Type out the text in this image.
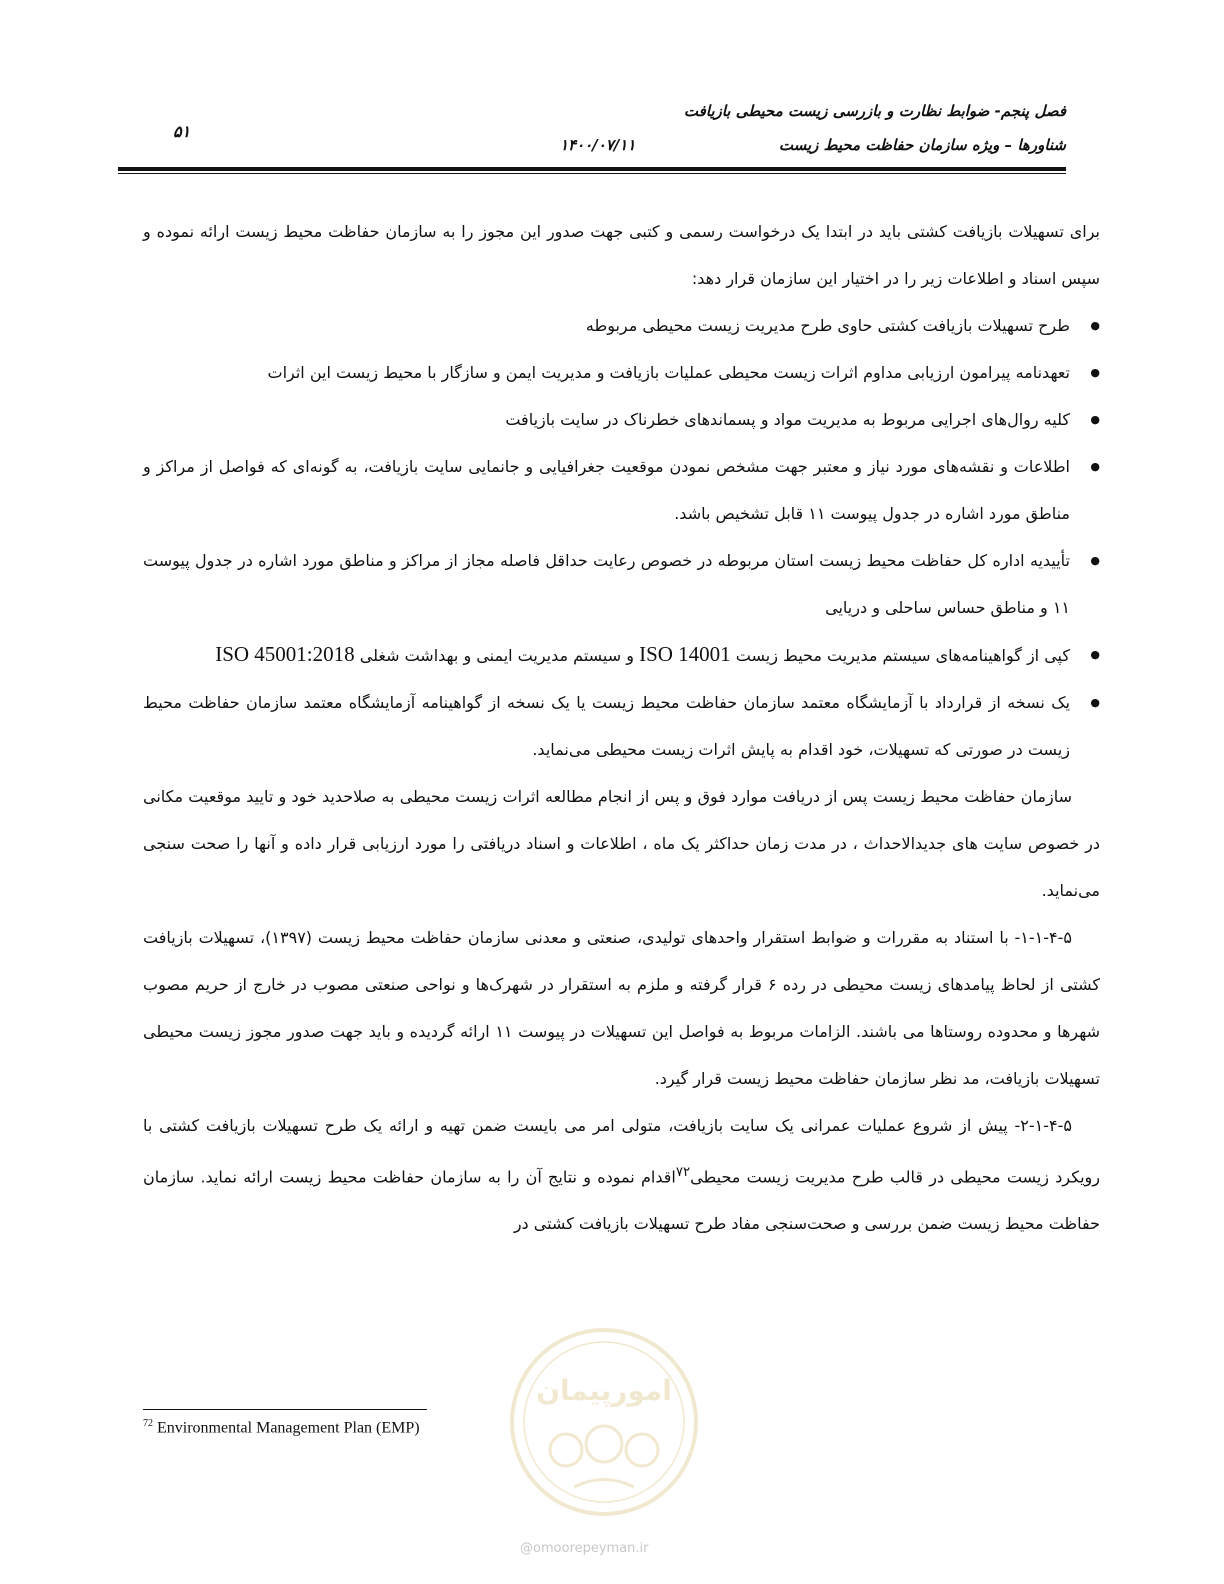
فصل پنجم- ضوابط نظارت و بازرسی زیست محیطی بازیافت
شناورها – ویژه سازمان حفاظت محیط زیست
۱۴۰۰/۰۷/۱۱
۵۱

برای تسهیلات بازیافت کشتی باید در ابتدا یک درخواست رسمی و کتبی جهت صدور این مجوز را به سازمان حفاظت محیط زیست ارائه نموده و سپس اسناد و اطلاعات زیر را در اختیار این سازمان قرار دهد:

● طرح تسهیلات بازیافت کشتی حاوی طرح مدیریت زیست محیطی مربوطه
● تعهدنامه پیرامون ارزیابی مداوم اثرات زیست محیطی عملیات بازیافت و مدیریت ایمن و سازگار با محیط زیست این اثرات
● کلیه روال‌های اجرایی مربوط به مدیریت مواد و پسماندهای خطرناک در سایت بازیافت
● اطلاعات و نقشه‌های مورد نیاز و معتبر جهت مشخص نمودن موقعیت جغرافیایی و جانمایی سایت بازیافت، به گونه‌ای که فواصل از مراکز و مناطق مورد اشاره در جدول پیوست ۱۱ قابل تشخیص باشد.
● تأییدیه اداره کل حفاظت محیط زیست استان مربوطه در خصوص رعایت حداقل فاصله مجاز از مراکز و مناطق مورد اشاره در جدول پیوست ۱۱ و مناطق حساس ساحلی و دریایی
● کپی از گواهینامه‌های سیستم مدیریت محیط زیست ISO 14001 و سیستم مدیریت ایمنی و بهداشت شغلی ISO 45001:2018
● یک نسخه از قرارداد با آزمایشگاه معتمد سازمان حفاظت محیط زیست یا یک نسخه از گواهینامه آزمایشگاه معتمد سازمان حفاظت محیط زیست در صورتی که تسهیلات، خود اقدام به پایش اثرات زیست محیطی می‌نماید.

سازمان حفاظت محیط زیست پس از دریافت موارد فوق و پس از انجام مطالعه اثرات زیست محیطی به صلاحدید خود و تایید موقعیت مکانی در خصوص سایت های جدیدالاحداث ، در مدت زمان حداکثر یک ماه ، اطلاعات و اسناد دریافتی را مورد ارزیابی قرار داده و آنها را صحت سنجی می‌نماید.

۱-۱-۴-۵- با استناد به مقررات و ضوابط استقرار واحدهای تولیدی، صنعتی و معدنی سازمان حفاظت محیط زیست (۱۳۹۷)، تسهیلات بازیافت کشتی از لحاظ پیامدهای زیست محیطی در رده ۶ قرار گرفته و ملزم به استقرار در شهرک‌ها و نواحی صنعتی مصوب در خارج از حریم مصوب شهرها و محدوده روستاها می باشند. الزامات مربوط به فواصل این تسهیلات در پیوست ۱۱ ارائه گردیده و باید جهت صدور مجوز زیست محیطی تسهیلات بازیافت، مد نظر سازمان حفاظت محیط زیست قرار گیرد.

۲-۱-۴-۵- پیش از شروع عملیات عمرانی یک سایت بازیافت، متولی امر می بایست ضمن تهیه و ارائه یک طرح تسهیلات بازیافت کشتی با رویکرد زیست محیطی در قالب طرح مدیریت زیست محیطی$^{۷۲}$اقدام نموده و نتایج آن را به سازمان حفاظت محیط زیست ارائه نماید. سازمان حفاظت محیط زیست ضمن بررسی و صحت‌سنجی مفاد طرح تسهیلات بازیافت کشتی در

امورپیمان
@omoorepeyman.ir
$^{72}$ Environmental Management Plan (EMP)
